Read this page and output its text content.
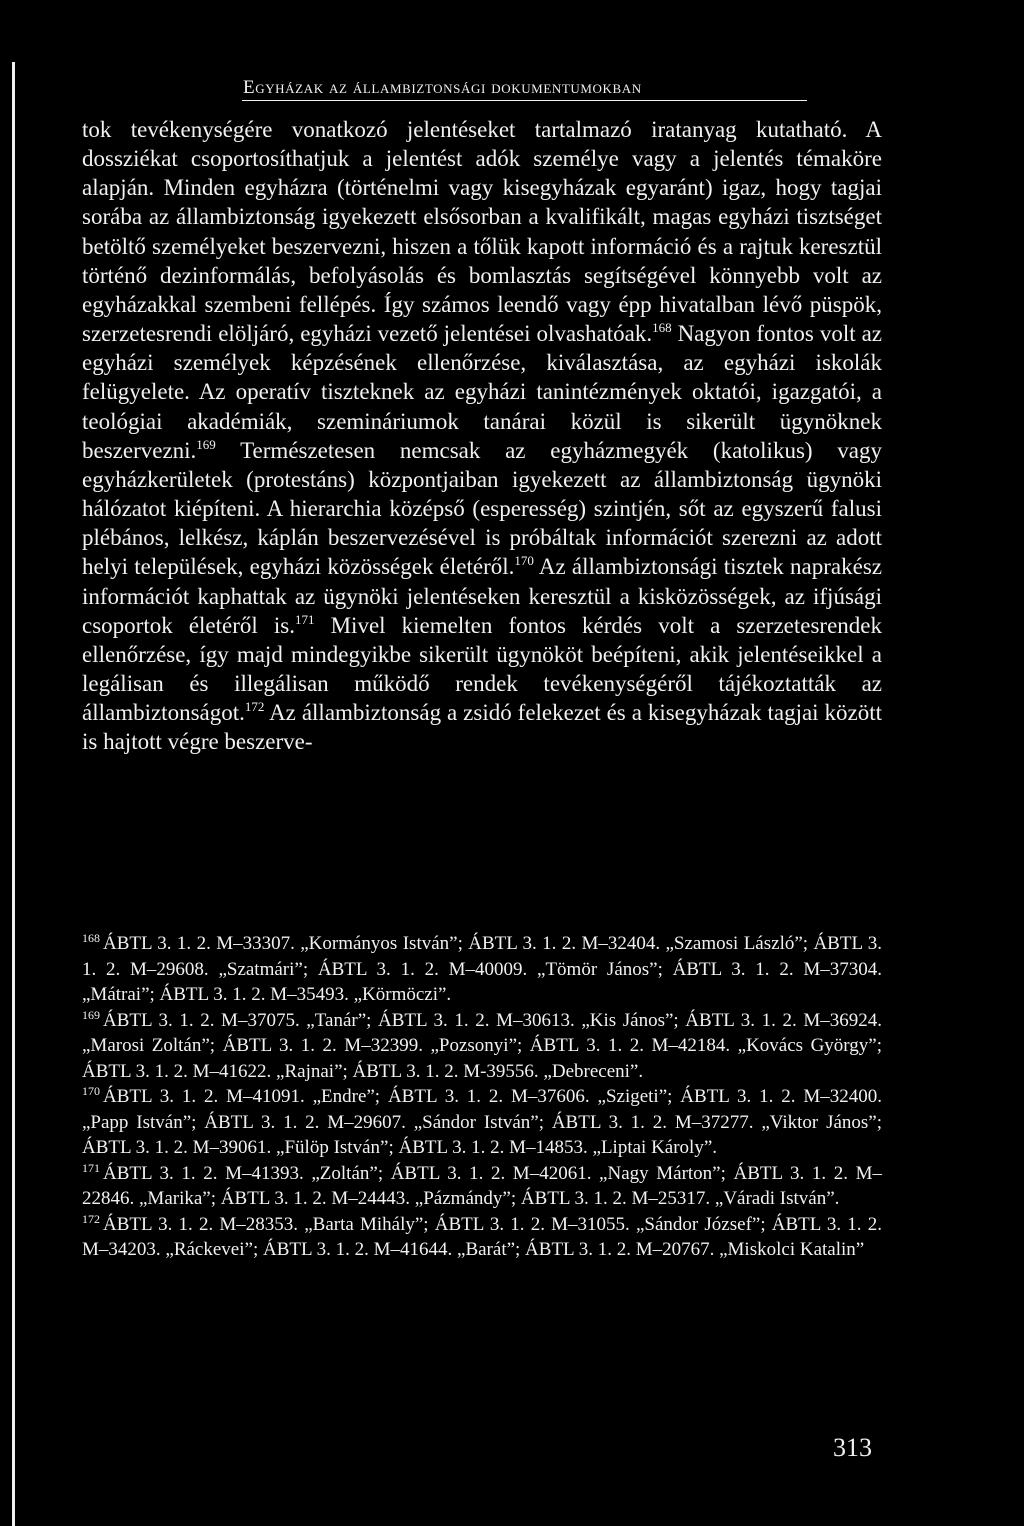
Egyházak az állambiztonsági dokumentumokban

tok tevékenységére vonatkozó jelentéseket tartalmazó iratanyag kutatható. A dossziékat csoportosíthatjuk a jelentést adók személye vagy a jelentés témaköre alapján. Minden egyházra (történelmi vagy kisegyházak egyaránt) igaz, hogy tagjai sorába az állambiztonság igyekezett elsősorban a kvalifikált, magas egyházi tisztséget betöltő személyeket beszervezni, hiszen a tőlük kapott információ és a rajtuk keresztül történő dezinformálás, befolyásolás és bomlasztás segítségével könnyebb volt az egyházakkal szembeni fellépés. Így számos leendő vagy épp hivatalban lévő püspök, szerzetesrendi elöljáró, egyházi vezető jelentései olvashatóak.$^{168}$ Nagyon fontos volt az egyházi személyek képzésének ellenőrzése, kiválasztása, az egyházi iskolák felügyelete. Az operatív tiszteknek az egyházi tanintézmények oktatói, igazgatói, a teológiai akadémiák, szemináriumok tanárai közül is sikerült ügynöknek beszervezni.$^{169}$ Természetesen nemcsak az egyházmegyék (katolikus) vagy egyházkerületek (protestáns) központjaiban igyekezett az állambiztonság ügynöki hálózatot kiépíteni. A hierarchia középső (esperesség) szintjén, sőt az egyszerű falusi plébános, lelkész, káplán beszervezésével is próbáltak információt szerezni az adott helyi települések, egyházi közösségek életéről.$^{170}$ Az állambiztonsági tisztek naprakész információt kaphattak az ügynöki jelentéseken keresztül a kisközösségek, az ifjúsági csoportok életéről is.$^{171}$ Mivel kiemelten fontos kérdés volt a szerzetesrendek ellenőrzése, így majd mindegyikbe sikerült ügynököt beépíteni, akik jelentéseikkel a legálisan és illegálisan működő rendek tevékenységéről tájékoztatták az állambiztonságot.$^{172}$ Az állambiztonság a zsidó felekezet és a kisegyházak tagjai között is hajtott végre beszerve-

$^{168}$ ÁBTL 3. 1. 2. M–33307. „Kormányos István”; ÁBTL 3. 1. 2. M–32404. „Szamosi László”; ÁBTL 3. 1. 2. M–29608. „Szatmári”; ÁBTL 3. 1. 2. M–40009. „Tömör János”; ÁBTL 3. 1. 2. M–37304. „Mátrai”; ÁBTL 3. 1. 2. M–35493. „Körmöczi”.

$^{169}$ ÁBTL 3. 1. 2. M–37075. „Tanár”; ÁBTL 3. 1. 2. M–30613. „Kis János”; ÁBTL 3. 1. 2. M–36924. „Marosi Zoltán”; ÁBTL 3. 1. 2. M–32399. „Pozsonyi”; ÁBTL 3. 1. 2. M–42184. „Kovács György”; ÁBTL 3. 1. 2. M–41622. „Rajnai”; ÁBTL 3. 1. 2. M-39556. „Debreceni”.

$^{170}$ ÁBTL 3. 1. 2. M–41091. „Endre”; ÁBTL 3. 1. 2. M–37606. „Szigeti”; ÁBTL 3. 1. 2. M–32400. „Papp István”; ÁBTL 3. 1. 2. M–29607. „Sándor István”; ÁBTL 3. 1. 2. M–37277. „Viktor János”; ÁBTL 3. 1. 2. M–39061. „Fülöp István”; ÁBTL 3. 1. 2. M–14853. „Liptai Károly”.

$^{171}$ ÁBTL 3. 1. 2. M–41393. „Zoltán”; ÁBTL 3. 1. 2. M–42061. „Nagy Márton”; ÁBTL 3. 1. 2. M–22846. „Marika”; ÁBTL 3. 1. 2. M–24443. „Pázmándy”; ÁBTL 3. 1. 2. M–25317. „Váradi István”.

$^{172}$ ÁBTL 3. 1. 2. M–28353. „Barta Mihály”; ÁBTL 3. 1. 2. M–31055. „Sándor József”; ÁBTL 3. 1. 2. M–34203. „Ráckevei”; ÁBTL 3. 1. 2. M–41644. „Barát”; ÁBTL 3. 1. 2. M–20767. „Miskolci Katalin”

313
